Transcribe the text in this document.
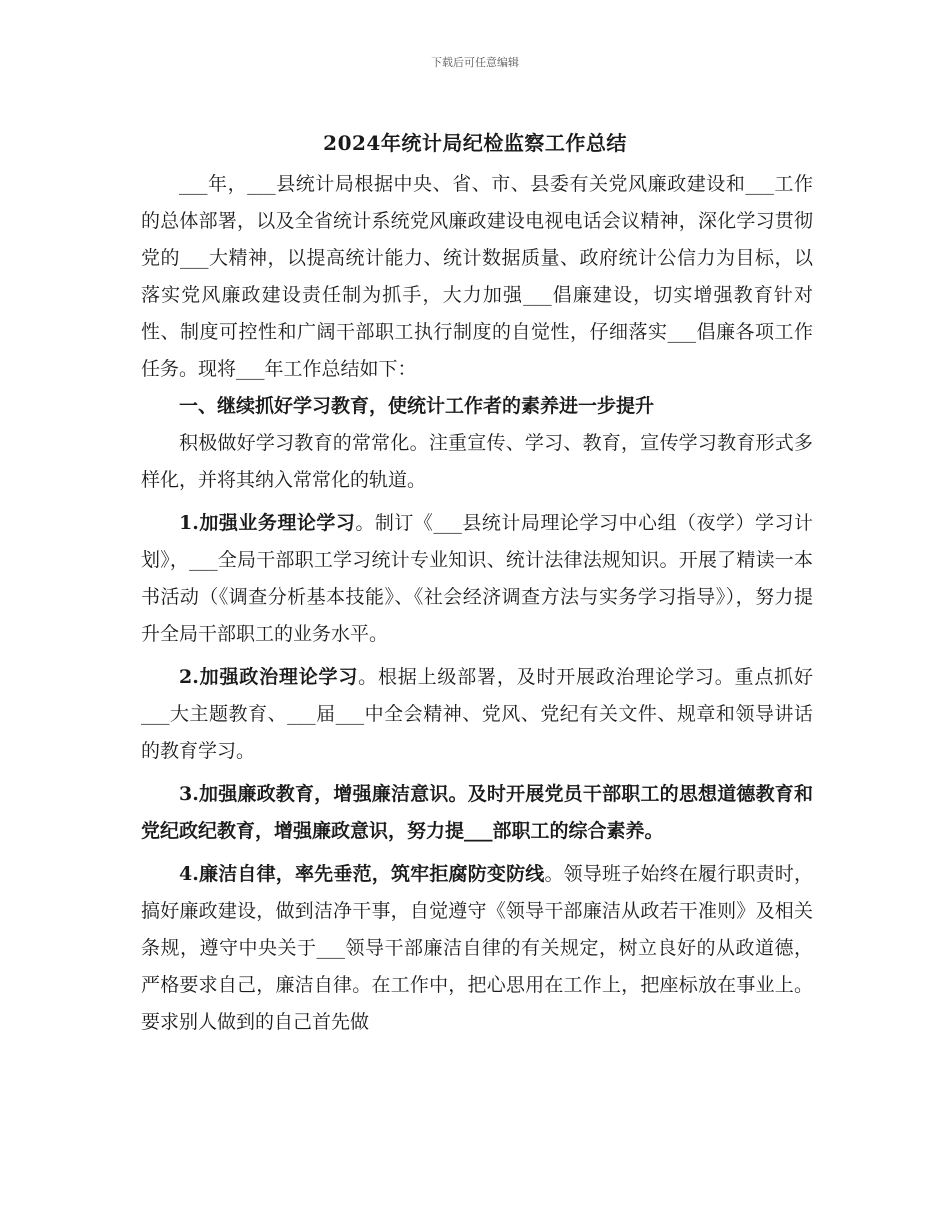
下载后可任意编辑
2024年统计局纪检监察工作总结

___年，___县统计局根据中央、省、市、县委有关党风廉政建设和___工作的总体部署，以及全省统计系统党风廉政建设电视电话会议精神，深化学习贯彻党的___大精神，以提高统计能力、统计数据质量、政府统计公信力为目标，以落实党风廉政建设责任制为抓手，大力加强___倡廉建设，切实增强教育针对性、制度可控性和广阔干部职工执行制度的自觉性，仔细落实___倡廉各项工作任务。现将___年工作总结如下：

一、继续抓好学习教育，使统计工作者的素养进一步提升

积极做好学习教育的常常化。注重宣传、学习、教育，宣传学习教育形式多样化，并将其纳入常常化的轨道。

1.加强业务理论学习。制订《___县统计局理论学习中心组（夜学）学习计划》，___全局干部职工学习统计专业知识、统计法律法规知识。开展了精读一本书活动（《调查分析基本技能》、《社会经济调查方法与实务学习指导》），努力提升全局干部职工的业务水平。

2.加强政治理论学习。根据上级部署，及时开展政治理论学习。重点抓好___大主题教育、___届___中全会精神、党风、党纪有关文件、规章和领导讲话的教育学习。

3.加强廉政教育，增强廉洁意识。及时开展党员干部职工的思想道德教育和党纪政纪教育，增强廉政意识，努力提___部职工的综合素养。

4.廉洁自律，率先垂范，筑牢拒腐防变防线。领导班子始终在履行职责时，搞好廉政建设，做到洁净干事，自觉遵守《领导干部廉洁从政若干准则》及相关条规，遵守中央关于___领导干部廉洁自律的有关规定，树立良好的从政道德，严格要求自己，廉洁自律。在工作中，把心思用在工作上，把座标放在事业上。要求别人做到的自己首先做
